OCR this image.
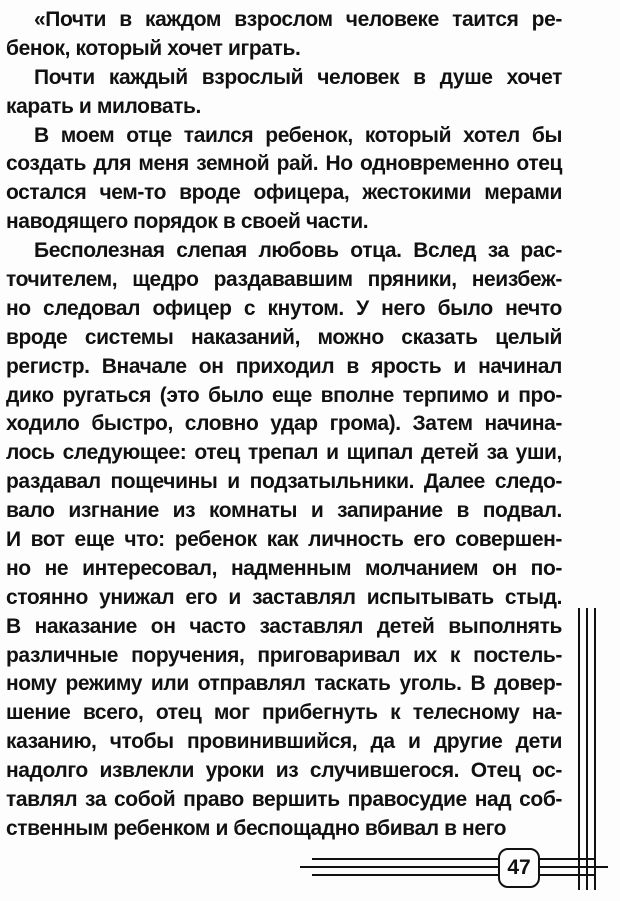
«Почти в каждом взрослом человеке таится ре-
бенок, который хочет играть.
Почти каждый взрослый человек в душе хочет
карать и миловать.
В моем отце таился ребенок, который хотел бы
создать для меня земной рай. Но одновременно отец
остался чем-то вроде офицера, жестокими мерами
наводящего порядок в своей части.
Бесполезная слепая любовь отца. Вслед за рас-
точителем, щедро раздававшим пряники, неизбеж-
но следовал офицер с кнутом. У него было нечто
вроде системы наказаний, можно сказать целый
регистр. Вначале он приходил в ярость и начинал
дико ругаться (это было еще вполне терпимо и про-
ходило быстро, словно удар грома). Затем начина-
лось следующее: отец трепал и щипал детей за уши,
раздавал пощечины и подзатыльники. Далее следо-
вало изгнание из комнаты и запирание в подвал.
И вот еще что: ребенок как личность его совершен-
но не интересовал, надменным молчанием он по-
стоянно унижал его и заставлял испытывать стыд.
В наказание он часто заставлял детей выполнять
различные поручения, приговаривал их к постель-
ному режиму или отправлял таскать уголь. В довер-
шение всего, отец мог прибегнуть к телесному на-
казанию, чтобы провинившийся, да и другие дети
надолго извлекли уроки из случившегося. Отец ос-
тавлял за собой право вершить правосудие над соб-
ственным ребенком и беспощадно вбивал в него
47
